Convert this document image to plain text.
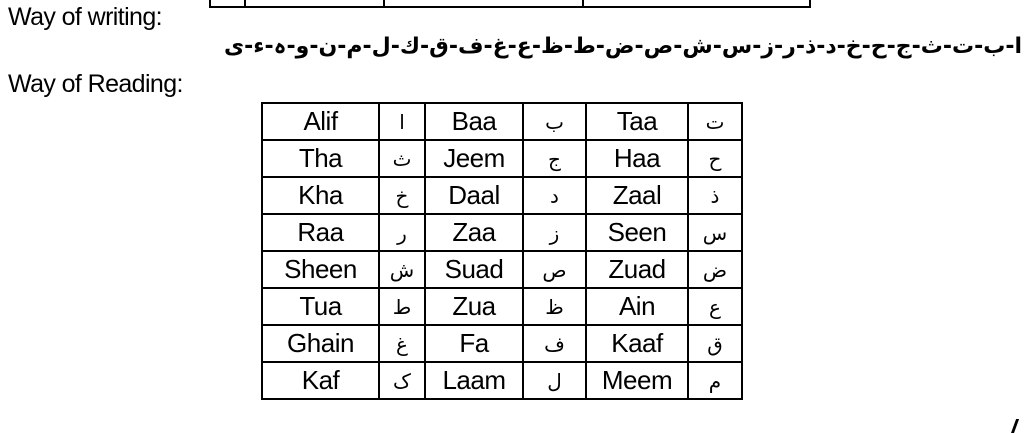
Way of writing:
ا-ب-ت-ث-ج-ح-خ-د-ذ-ر-ز-س-ش-ص-ض-ط-ظ-ع-غ-ف-ق-ك-ل-م-ن-و-ہ-ء-ی
Way of Reading:
Alif	ا	Baa	ب	Taa	ت
Tha	ث	Jeem	ج	Haa	ح
Kha	خ	Daal	د	Zaal	ذ
Raa	ر	Zaa	ز	Seen	س
Sheen	ش	Suad	ص	Zuad	ض
Tua	ط	Zua	ظ	Ain	ع
Ghain	غ	Fa	ف	Kaaf	ق
Kaf	ک	Laam	ل	Meem	م
